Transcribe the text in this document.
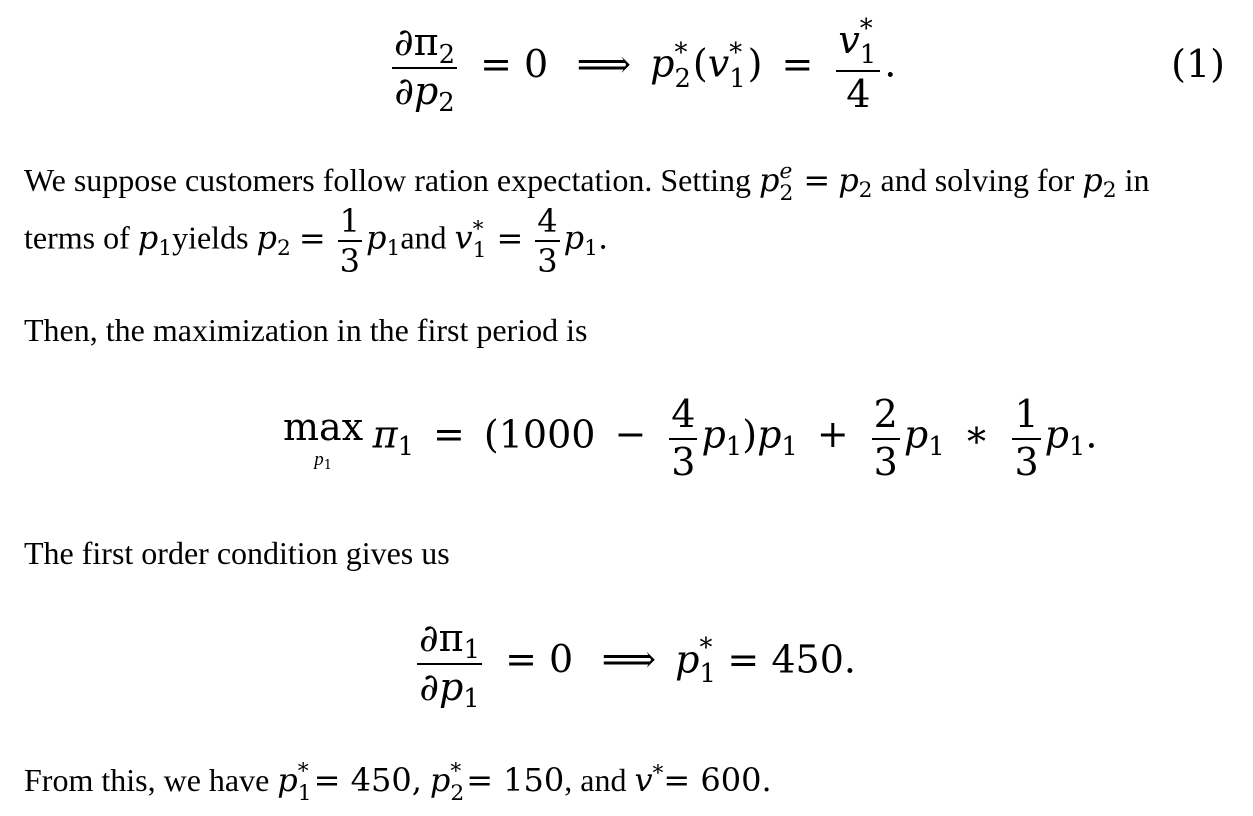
$\frac{\partial\pi 2}{\partial p2} = 0$ ⟹ p *
2 (v *
1 ) = v *
1
4 .	(1)
We suppose customers follow ration expectation. Setting p e
2 = p2 and solving for p2 in
terms of p1yields $p2 = \frac{1}{3} p1and$ v *
$1 = \frac{4}{3} p1$.
Then, the maximization in the first period is
max
p1
$\pi 1 = (1000 - \frac{4}{3} p1)p1 + \frac{2}{3} p1$ ∗ $\frac{1}{3} p1$.
The first order condition gives us
$\frac{\partial\pi 1}{\partial p1} = 0$ ⟹ p *
1 = 450.
From this, we have p *
1 = 450, p *
2 = 150, and v*= 600.
